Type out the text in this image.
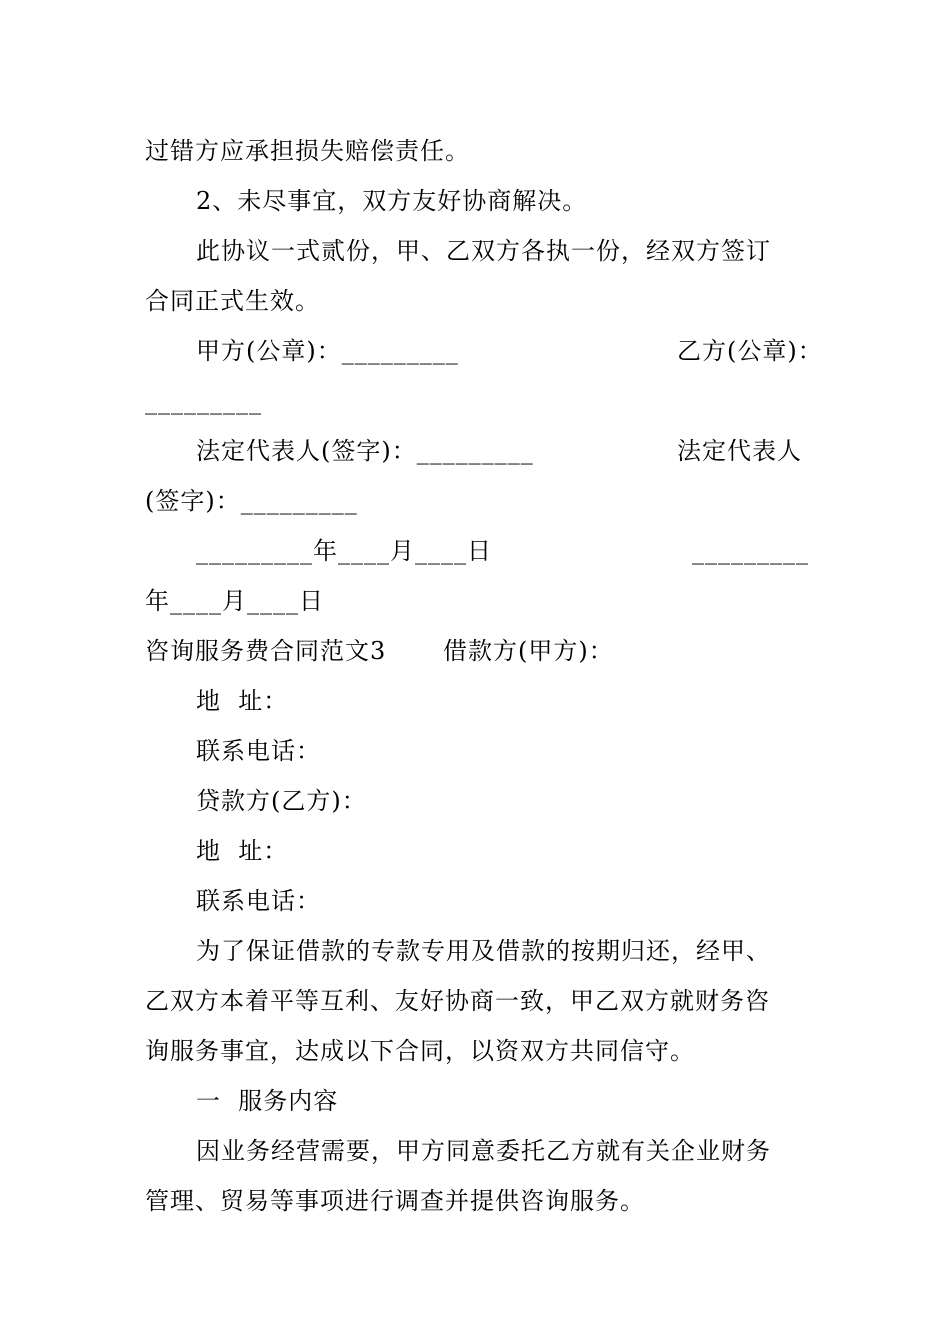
过错方应承担损失赔偿责任。

2、未尽事宜，双方友好协商解决。

此协议一式贰份，甲、乙双方各执一份，经双方签订

合同正式生效。

甲方(公章)：_________

	乙方(公章)：

_________

法定代表人(签字)：_________

	法定代表人

(签字)：_________

_________年____月____日

	_________

年____月____日

咨询服务费合同范文3

借款方(甲方)：

地  址：

联系电话：

贷款方(乙方)：

地  址：

联系电话：

为了保证借款的专款专用及借款的按期归还，经甲、

乙双方本着平等互利、友好协商一致，甲乙双方就财务咨

询服务事宜，达成以下合同，以资双方共同信守。

一  服务内容

因业务经营需要，甲方同意委托乙方就有关企业财务

管理、贸易等事项进行调查并提供咨询服务。
